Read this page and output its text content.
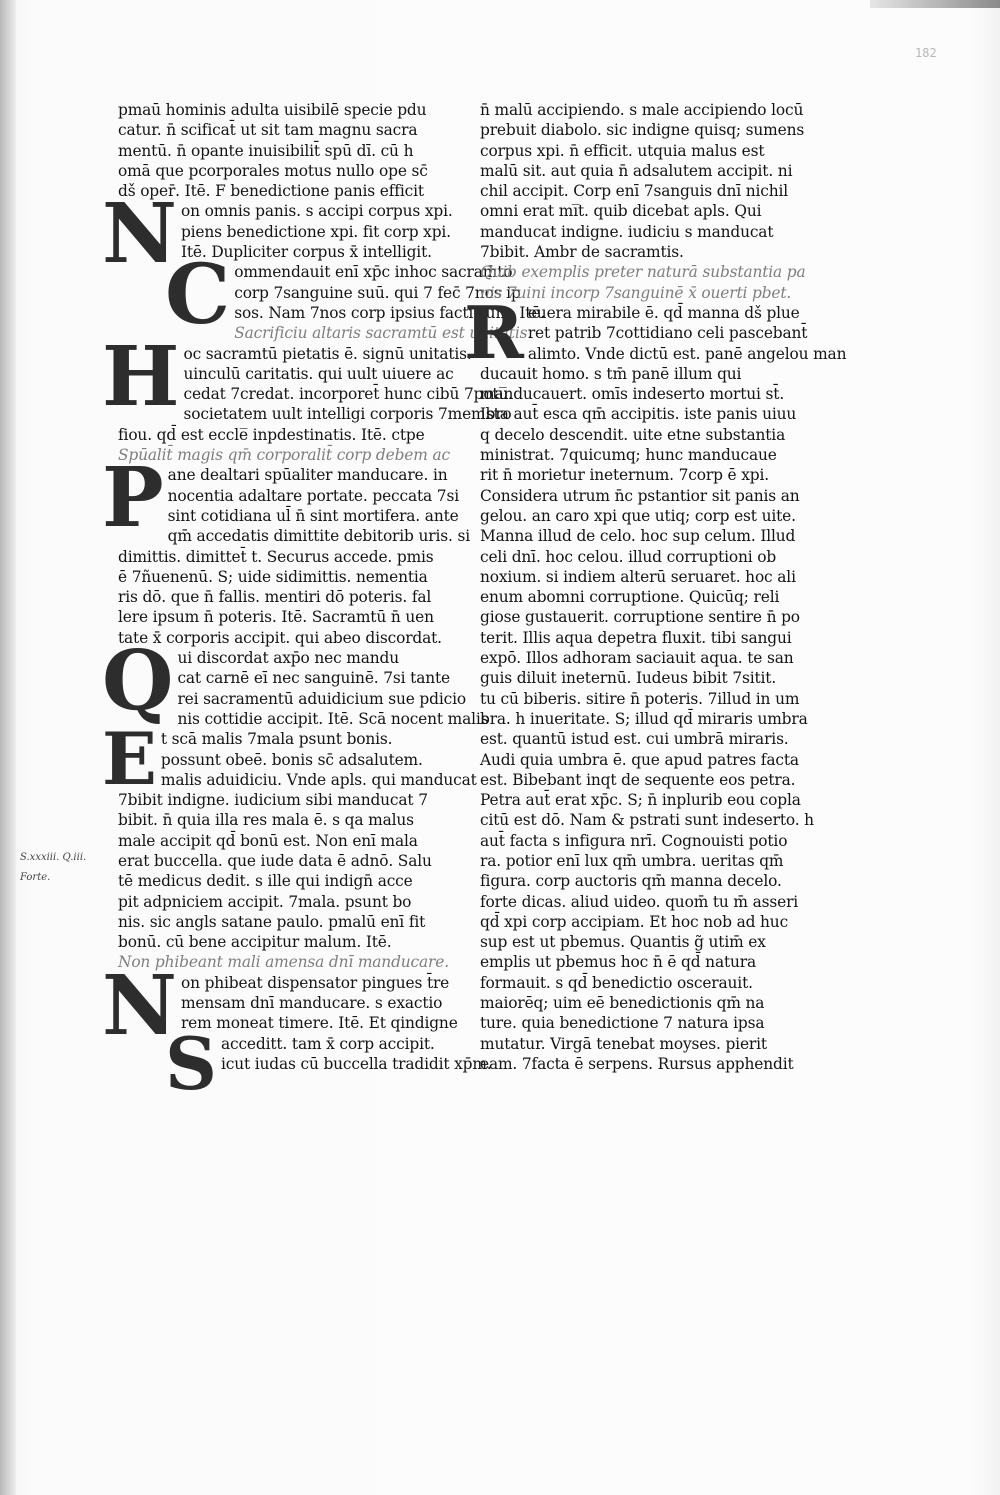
182
S.xxxiii. Q.iii.
Forte.
pmaū hominis adulta uisibilē specie pdu
catur. n̄ scificat̄ ut sit tam magnu sacra
mentū. n̄ opante inuisibilit̄ spū dī. cū h
omā que pcorporales motus nullo ope sc̄
dš oper̄. Itē. F benedictione panis efficit
N on omnis panis. s accipi corpus xpi.
piens benedictione xpi. fit corp xpi.
Itē. Dupliciter corpus x̄ intelligit.
C ommendauit enī xp̄c inhoc sacram̄to
corp 7sanguine suū. qui 7 fec̄ 7nos ip
sos. Nam 7nos corp ipsius facti sum̄. Itē.
Sacrificiu altaris sacramtū est unitatis.
H oc sacramtū pietatis ē. signū unitatis.
uinculū caritatis. qui uult uiuere ac
cedat 7credat. incorporet̄ hunc cibū 7potu̅.
societatem uult intelligi corporis 7membro
fiou. qd̄ est eccle̅ inpdestinatis. Itē. ctpe
Spūalit̄ magis qm̄ corporalit̄ corp debem ac
P ane dealtari spūaliter manducare. in
nocentia adaltare portate. peccata 7si
sint cotidiana ul̄ n̄ sint mortifera. ante
qm̄ accedatis dimittite debitorib uris. si
dimittis. dimittet̄ t. Securus accede. pmis
ē 7ñuenenū. S; uide sidimittis. nementia
ris dō. que n̄ fallis. mentiri dō poteris. fal
lere ipsum n̄ poteris. Itē. Sacramtū n̄ uen
tate x̄ corporis accipit. qui abeo discordat.
Q ui discordat axp̄o nec mandu
cat carnē eī nec sanguinē. 7si tante
rei sacramentū aduidicium sue pdicio
nis cottidie accipit. Itē. Scā nocent malis
E t scā malis 7mala psunt bonis.
possunt obeē. bonis sc̄ adsalutem.
malis aduidiciu. Vnde apls. qui manducat
7bibit indigne. iudicium sibi manducat 7
bibit. n̄ quia illa res mala ē. s qa malus
male accipit qd̄ bonū est. Non enī mala
erat buccella. que iude data ē adnō. Salu
tē medicus dedit. s ille qui indign̄ acce
pit adpniciem accipit. 7mala. psunt bo
nis. sic angls satane paulo. pmalū enī fit
bonū. cū bene accipitur malum. Itē.
Non phibeant mali amensa dnī manducare.
N on phibeat dispensator pingues t̄re
mensam dnī manducare. s exactio
rem moneat timere. Itē. Et qindigne
S acceditt. tam x̄ corp accipit.
icut iudas cū buccella tradidit xp̄m.
n̄ malū accipiendo. s male accipiendo locū
prebuit diabolo. sic indigne quisq; sumens
corpus xpi. n̄ efficit. utquia malus est
malū sit. aut quia n̄ adsalutem accipit. ni
chil accipit. Corp enī 7sanguis dnī nichil
omni erat mi̅t. quib dicebat apls. Qui
manducat indigne. iudiciu s manducat
7bibit. Ambr de sacramtis.
Quib exemplis preter naturā substantia pa
nis 7uini incorp 7sanguinē x̄ ouerti pbet.
R euera mirabile ē. qd̄ manna dš plue
ret patrib 7cottidiano celi pascebant̄
alimto. Vnde dictū est. panē angelou man
ducauit homo. s tm̄ panē illum qui
manducauert. omīs indeserto mortui st̄.
Ista aut̄ esca qm̄ accipitis. iste panis uiuu
q decelo descendit. uite etne substantia
ministrat. 7quicumq; hunc manducaue
rit n̄ morietur ineternum. 7corp ē xpi.
Considera utrum n̄c pstantior sit panis an
gelou. an caro xpi que utiq; corp est uite.
Manna illud de celo. hoc sup celum. Illud
celi dnī. hoc celou. illud corruptioni ob
noxium. si indiem alterū seruaret. hoc ali
enum abomni corruptione. Quicūq; reli
giose gustauerit. corruptione sentire n̄ po
terit. Illis aqua depetra fluxit. tibi sangui
expō. Illos adhoram saciauit aqua. te san
guis diluit ineternū. Iudeus bibit 7sitit.
tu cū biberis. sitire n̄ poteris. 7illud in um
bra. h inueritate. S; illud qd̄ miraris umbra
est. quantū istud est. cui umbrā miraris.
Audi quia umbra ē. que apud patres facta
est. Bibebant inqt de sequente eos petra.
Petra aut̄ erat xp̄c. S; n̄ inplurib eou copla
citū est dō. Nam & pstrati sunt indeserto. h
aut̄ facta s infigura nrī. Cognouisti potio
ra. potior enī lux qm̄ umbra. ueritas qm̄
figura. corp auctoris qm̄ manna decelo.
forte dicas. aliud uideo. quom̄ tu m̄ asseri
qd̄ xpi corp accipiam. Et hoc nob ad huc
sup est ut pbemus. Quantis g̃ utim̄ ex
emplis ut pbemus hoc n̄ ē qd̄ natura
formauit. s qd̄ benedictio oscerauit.
maiorēq; uim eē benedictionis qm̄ na
ture. quia benedictione 7 natura ipsa
mutatur. Virgā tenebat moyses. pierit
eam. 7facta ē serpens. Rursus apphendit
